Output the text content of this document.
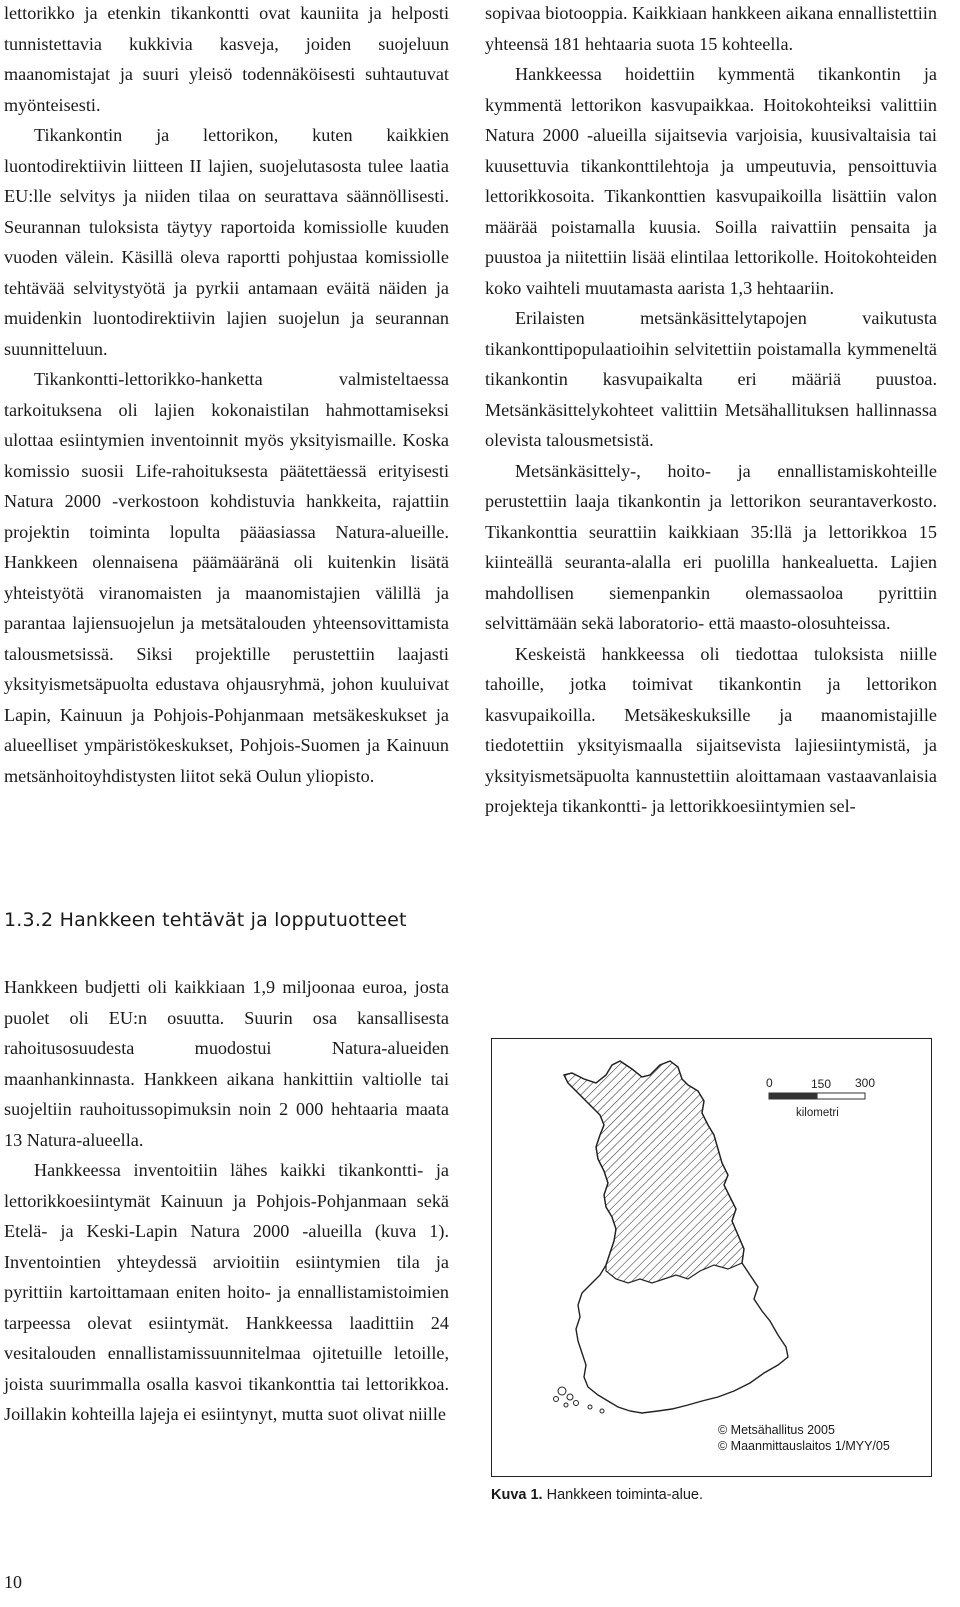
lettorikko ja etenkin tikankontti ovat kauniita ja helposti tunnistettavia kukkivia kasveja, joiden suojeluun maanomistajat ja suuri yleisö todennäköisesti suhtautuvat myönteisesti.

Tikankontin ja lettorikon, kuten kaikkien luontodirektiivin liitteen II lajien, suojelutasosta tulee laatia EU:lle selvitys ja niiden tilaa on seurattava säännöllisesti. Seurannan tuloksista täytyy raportoida komissiolle kuuden vuoden välein. Käsillä oleva raportti pohjustaa komissiolle tehtävää selvitystyötä ja pyrkii antamaan eväitä näiden ja muidenkin luontodirektiivin lajien suojelun ja seurannan suunnitteluun.

Tikankontti-lettorikko-hanketta valmisteltaessa tarkoituksena oli lajien kokonaistilan hahmottamiseksi ulottaa esiintymien inventoinnit myös yksityismaille. Koska komissio suosii Life-rahoituksesta päätettäessä erityisesti Natura 2000 -verkostoon kohdistuvia hankkeita, rajattiin projektin toiminta lopulta pääasiassa Natura-alueille. Hankkeen olennaisena päämääränä oli kuitenkin lisätä yhteistyötä viranomaisten ja maanomistajien välillä ja parantaa lajiensuojelun ja metsätalouden yhteensovittamista talousmetsissä. Siksi projektille perustettiin laajasti yksityismetsäpuolta edustava ohjausryhmä, johon kuuluivat Lapin, Kainuun ja Pohjois-Pohjanmaan metsäkeskukset ja alueelliset ympäristökeskukset, Pohjois-Suomen ja Kainuun metsänhoitoyhdistysten liitot sekä Oulun yliopisto.

1.3.2 Hankkeen tehtävät ja lopputuotteet

Hankkeen budjetti oli kaikkiaan 1,9 miljoonaa euroa, josta puolet oli EU:n osuutta. Suurin osa kansallisesta rahoitusosuudesta muodostui Natura-alueiden maanhankinnasta. Hankkeen aikana hankittiin valtiolle tai suojeltiin rauhoitussopimuksin noin 2 000 hehtaaria maata 13 Natura-alueella.

Hankkeessa inventoitiin lähes kaikki tikankontti- ja lettorikkoesiintymät Kainuun ja Pohjois-Pohjanmaan sekä Etelä- ja Keski-Lapin Natura 2000 -alueilla (kuva 1). Inventointien yhteydessä arvioitiin esiintymien tila ja pyrittiin kartoittamaan eniten hoito- ja ennallistamistoimien tarpeessa olevat esiintymät. Hankkeessa laadittiin 24 vesitalouden ennallistamissuunnitelmaa ojitetuille letoille, joista suurimmalla osalla kasvoi tikankonttia tai lettorikkoa. Joillakin kohteilla lajeja ei esiintynyt, mutta suot olivat niille

sopivaa biotooppia. Kaikkiaan hankkeen aikana ennallistettiin yhteensä 181 hehtaaria suota 15 kohteella.

Hankkeessa hoidettiin kymmentä tikankontin ja kymmentä lettorikon kasvupaikkaa. Hoitokohteiksi valittiin Natura 2000 -alueilla sijaitsevia varjoisia, kuusivaltaisia tai kuusettuvia tikankonttilehtoja ja umpeutuvia, pensoittuvia lettorikkosoita. Tikankonttien kasvupaikoilla lisättiin valon määrää poistamalla kuusia. Soilla raivattiin pensaita ja puustoa ja niitettiin lisää elintilaa lettorikolle. Hoitokohteiden koko vaihteli muutamasta aarista 1,3 hehtaariin.

Erilaisten metsänkäsittelytapojen vaikutusta tikankonttipopulaatioihin selvitettiin poistamalla kymmeneltä tikankontin kasvupaikalta eri määriä puustoa. Metsänkäsittelykohteet valittiin Metsähallituksen hallinnassa olevista talousmetsistä.

Metsänkäsittely-, hoito- ja ennallistamiskohteille perustettiin laaja tikankontin ja lettorikon seurantaverkosto. Tikankonttia seurattiin kaikkiaan 35:llä ja lettorikkoa 15 kiinteällä seuranta-alalla eri puolilla hankealuetta. Lajien mahdollisen siemenpankin olemassaoloa pyrittiin selvittämään sekä laboratorio- että maasto-olosuhteissa.

Keskeistä hankkeessa oli tiedottaa tuloksista niille tahoille, jotka toimivat tikankontin ja lettorikon kasvupaikoilla. Metsäkeskuksille ja maanomistajille tiedotettiin yksityismaalla sijaitsevista lajiesiintymistä, ja yksityismetsäpuolta kannustettiin aloittamaan vastaavanlaisia projekteja tikankontti- ja lettorikkoesiintymien sel-

0	150 300
kilometri
© Metsähallitus 2005
© Maanmittauslaitos 1/MYY/05
Kuva 1. Hankkeen toiminta-alue.
10
